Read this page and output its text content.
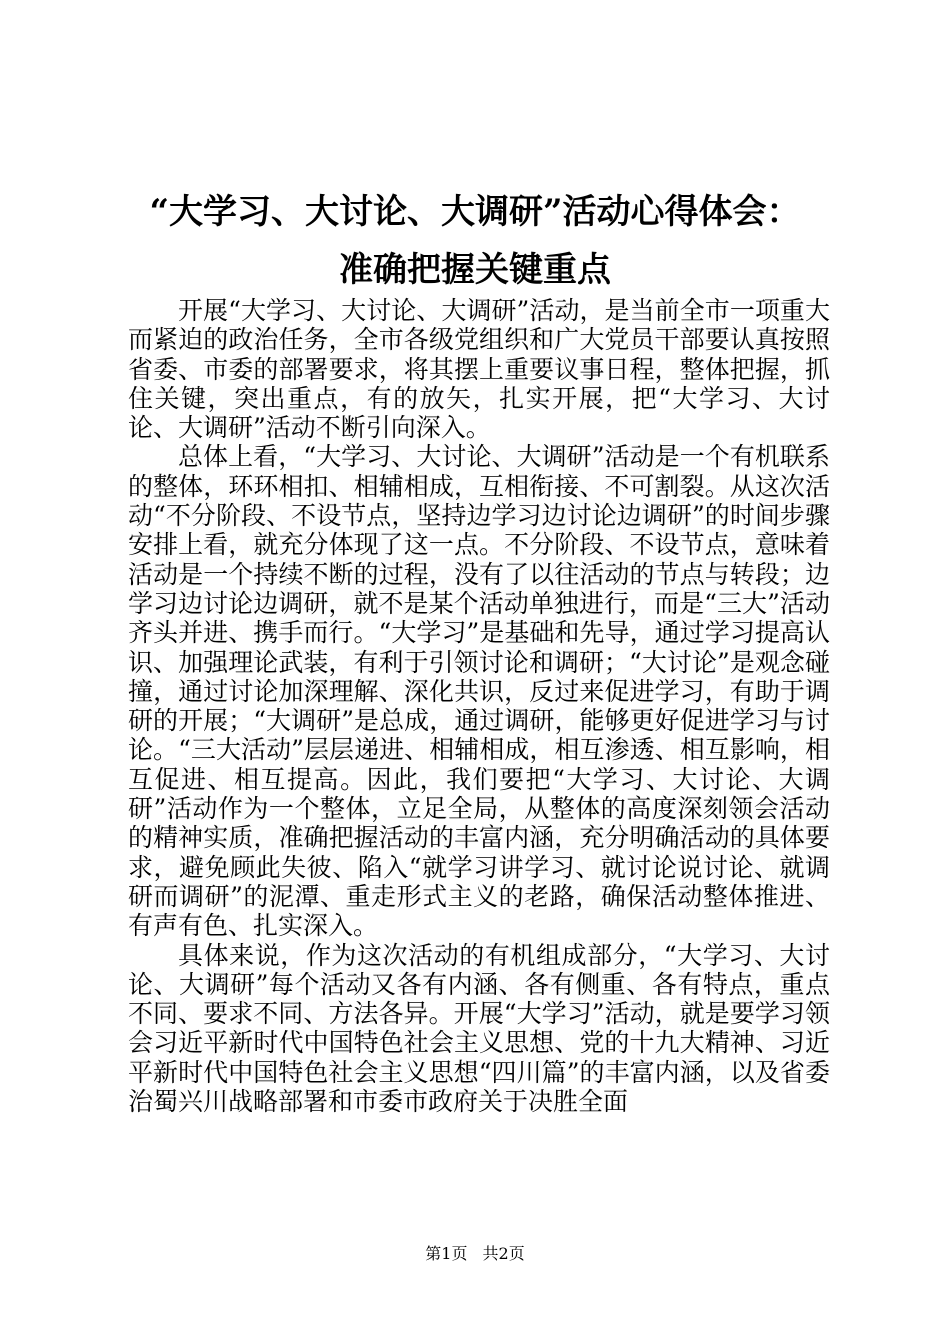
“大学习、大讨论、大调研”活动心得体会：
准确把握关键重点

开展“大学习、大讨论、大调研”活动，是当前全市一项重大而紧迫的政治任务，全市各级党组织和广大党员干部要认真按照省委、市委的部署要求，将其摆上重要议事日程，整体把握，抓住关键，突出重点，有的放矢，扎实开展，把“大学习、大讨论、大调研”活动不断引向深入。

总体上看，“大学习、大讨论、大调研”活动是一个有机联系的整体，环环相扣、相辅相成，互相衔接、不可割裂。从这次活动“不分阶段、不设节点，坚持边学习边讨论边调研”的时间步骤安排上看，就充分体现了这一点。不分阶段、不设节点，意味着活动是一个持续不断的过程，没有了以往活动的节点与转段；边学习边讨论边调研，就不是某个活动单独进行，而是“三大”活动齐头并进、携手而行。“大学习”是基础和先导，通过学习提高认识、加强理论武装，有利于引领讨论和调研；“大讨论”是观念碰撞，通过讨论加深理解、深化共识，反过来促进学习，有助于调研的开展；“大调研”是总成，通过调研，能够更好促进学习与讨论。“三大活动”层层递进、相辅相成，相互渗透、相互影响，相互促进、相互提高。因此，我们要把“大学习、大讨论、大调研”活动作为一个整体，立足全局，从整体的高度深刻领会活动的精神实质，准确把握活动的丰富内涵，充分明确活动的具体要求，避免顾此失彼、陷入“就学习讲学习、就讨论说讨论、就调研而调研”的泥潭、重走形式主义的老路，确保活动整体推进、有声有色、扎实深入。

具体来说，作为这次活动的有机组成部分，“大学习、大讨论、大调研”每个活动又各有内涵、各有侧重、各有特点，重点不同、要求不同、方法各异。开展“大学习”活动，就是要学习领会习近平新时代中国特色社会主义思想、党的十九大精神、习近平新时代中国特色社会主义思想“四川篇”的丰富内涵，以及省委治蜀兴川战略部署和市委市政府关于决胜全面

第1页 共2页
